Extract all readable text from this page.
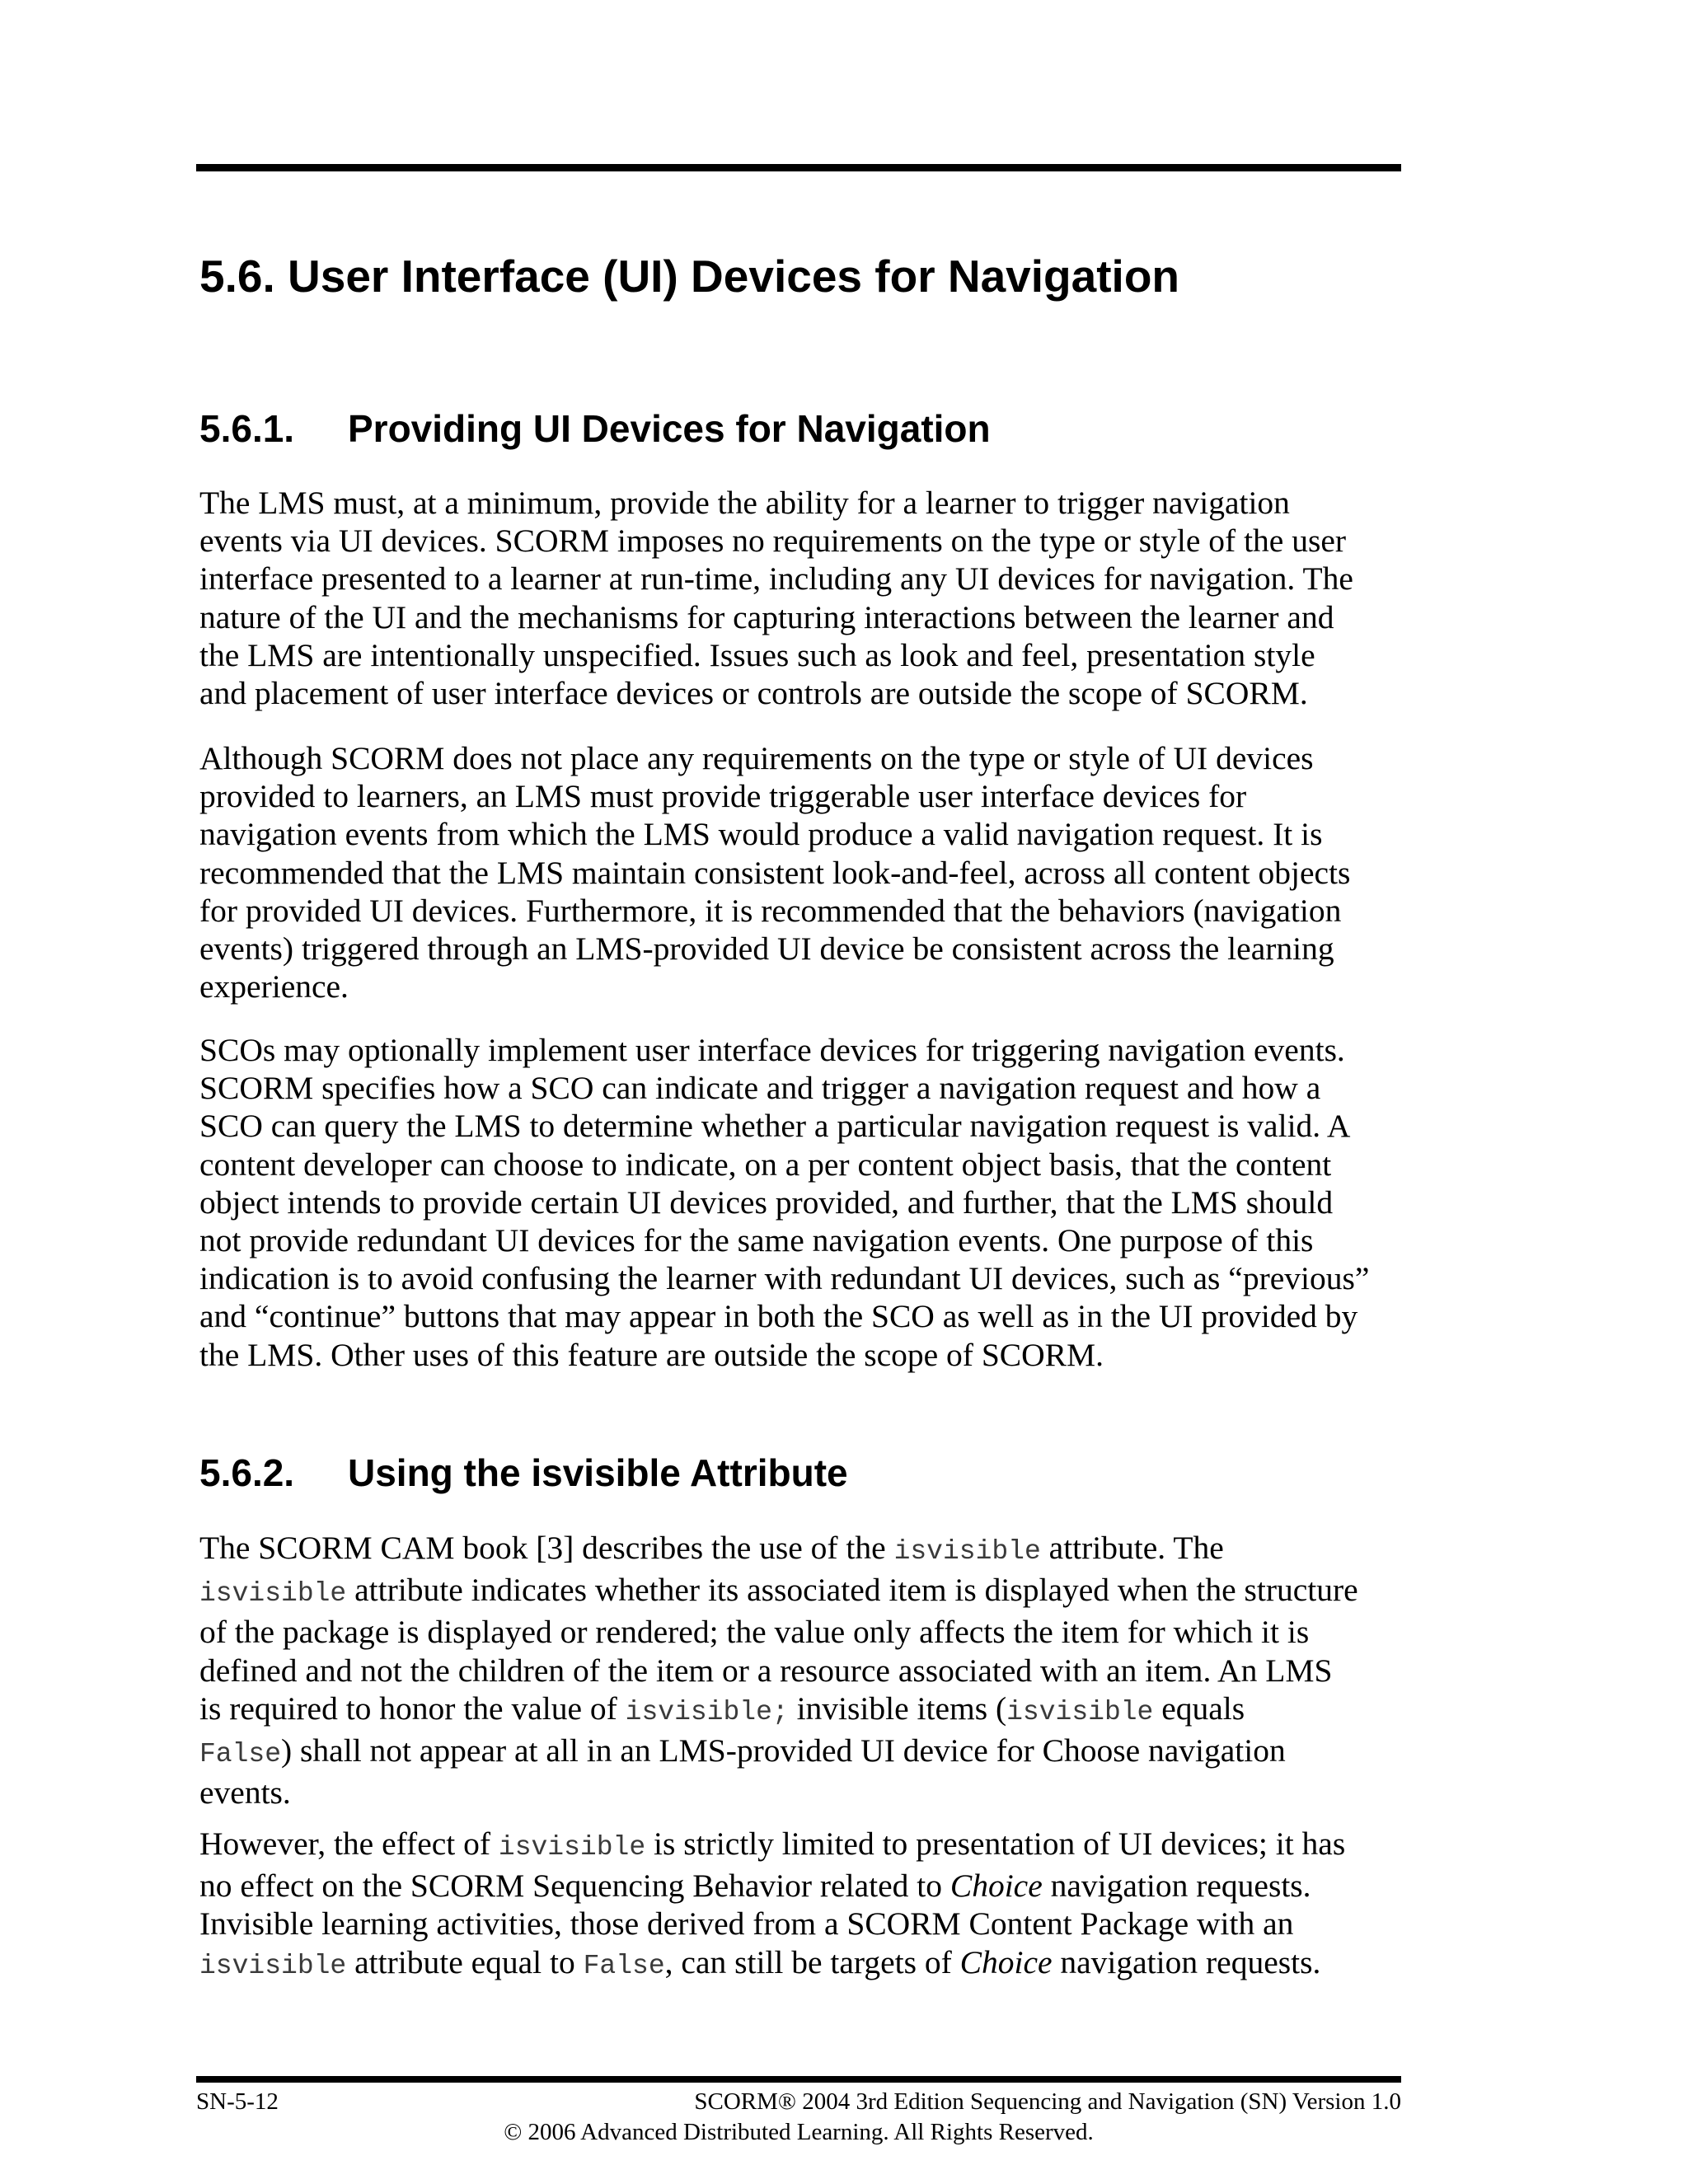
5.6. User Interface (UI) Devices for Navigation
5.6.1. Providing UI Devices for Navigation
The LMS must, at a minimum, provide the ability for a learner to trigger navigation
events via UI devices. SCORM imposes no requirements on the type or style of the user
interface presented to a learner at run-time, including any UI devices for navigation. The
nature of the UI and the mechanisms for capturing interactions between the learner and
the LMS are intentionally unspecified. Issues such as look and feel, presentation style
and placement of user interface devices or controls are outside the scope of SCORM.
Although SCORM does not place any requirements on the type or style of UI devices
provided to learners, an LMS must provide triggerable user interface devices for
navigation events from which the LMS would produce a valid navigation request. It is
recommended that the LMS maintain consistent look-and-feel, across all content objects
for provided UI devices. Furthermore, it is recommended that the behaviors (navigation
events) triggered through an LMS-provided UI device be consistent across the learning
experience.
SCOs may optionally implement user interface devices for triggering navigation events.
SCORM specifies how a SCO can indicate and trigger a navigation request and how a
SCO can query the LMS to determine whether a particular navigation request is valid. A
content developer can choose to indicate, on a per content object basis, that the content
object intends to provide certain UI devices provided, and further, that the LMS should
not provide redundant UI devices for the same navigation events. One purpose of this
indication is to avoid confusing the learner with redundant UI devices, such as “previous”
and “continue” buttons that may appear in both the SCO as well as in the UI provided by
the LMS. Other uses of this feature are outside the scope of SCORM.
5.6.2. Using the isvisible Attribute
The SCORM CAM book [3] describes the use of the isvisible attribute. The
isvisible attribute indicates whether its associated item is displayed when the structure
of the package is displayed or rendered; the value only affects the item for which it is
defined and not the children of the item or a resource associated with an item. An LMS
is required to honor the value of isvisible; invisible items (isvisible equals
False) shall not appear at all in an LMS-provided UI device for Choose navigation
events.
However, the effect of isvisible is strictly limited to presentation of UI devices; it has
no effect on the SCORM Sequencing Behavior related to Choice navigation requests.
Invisible learning activities, those derived from a SCORM Content Package with an
isvisible attribute equal to False, can still be targets of Choice navigation requests.
SN-5-12	SCORM® 2004 3rd Edition Sequencing and Navigation (SN) Version 1.0
© 2006 Advanced Distributed Learning. All Rights Reserved.
